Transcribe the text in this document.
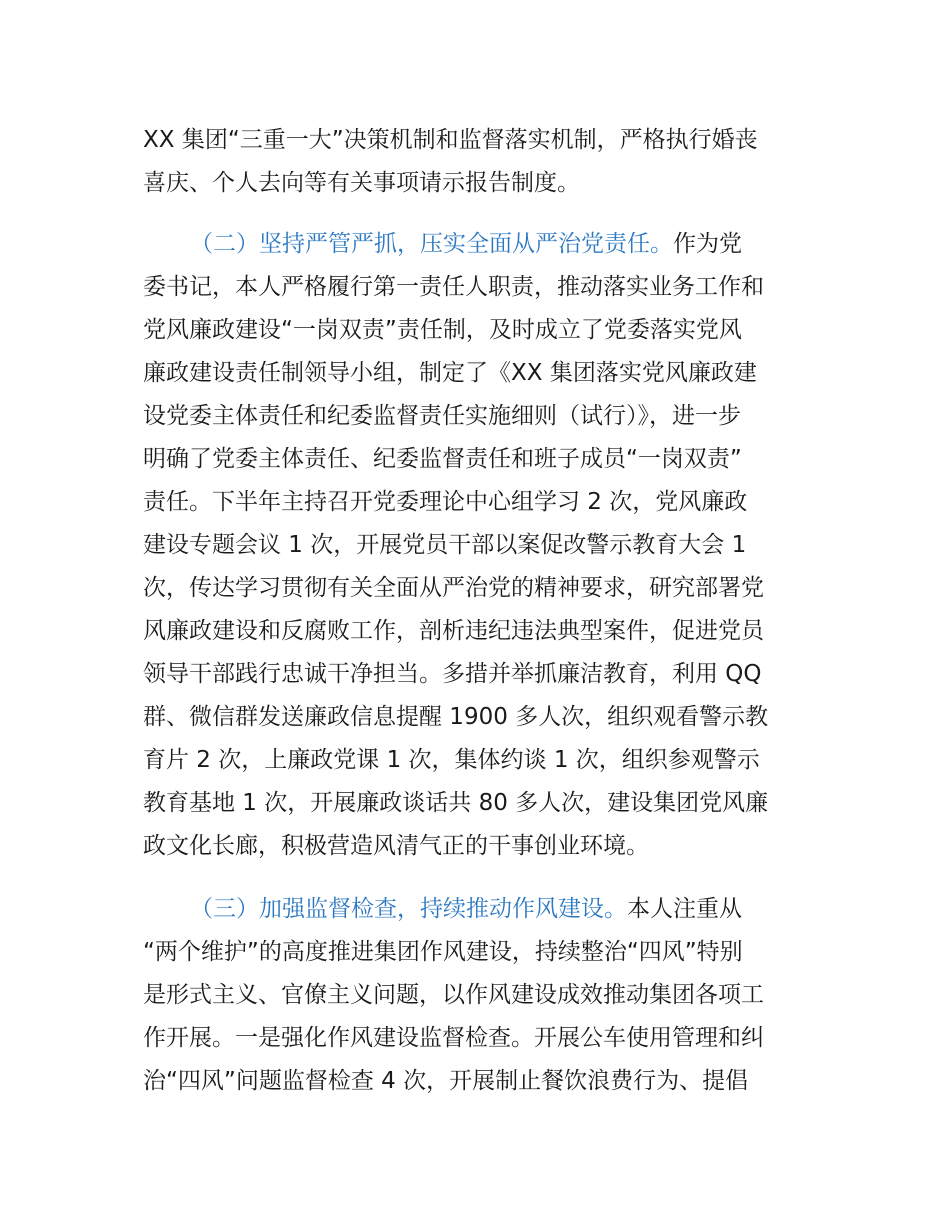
XX 集团“三重一大”决策机制和监督落实机制，严格执行婚丧
喜庆、个人去向等有关事项请示报告制度。
（二）坚持严管严抓，压实全面从严治党责任。作为党
委书记，本人严格履行第一责任人职责，推动落实业务工作和
党风廉政建设“一岗双责”责任制，及时成立了党委落实党风
廉政建设责任制领导小组，制定了《XX 集团落实党风廉政建
设党委主体责任和纪委监督责任实施细则（试行）》，进一步
明确了党委主体责任、纪委监督责任和班子成员“一岗双责”
责任。下半年主持召开党委理论中心组学习 2 次，党风廉政
建设专题会议 1 次，开展党员干部以案促改警示教育大会 1
次，传达学习贯彻有关全面从严治党的精神要求，研究部署党
风廉政建设和反腐败工作，剖析违纪违法典型案件，促进党员
领导干部践行忠诚干净担当。多措并举抓廉洁教育，利用 QQ
群、微信群发送廉政信息提醒 1900 多人次，组织观看警示教
育片 2 次，上廉政党课 1 次，集体约谈 1 次，组织参观警示
教育基地 1 次，开展廉政谈话共 80 多人次，建设集团党风廉
政文化长廊，积极营造风清气正的干事创业环境。
（三）加强监督检查，持续推动作风建设。本人注重从
“两个维护”的高度推进集团作风建设，持续整治“四风”特别
是形式主义、官僚主义问题，以作风建设成效推动集团各项工
作开展。一是强化作风建设监督检查。开展公车使用管理和纠
治“四风”问题监督检查 4 次，开展制止餐饮浪费行为、提倡
